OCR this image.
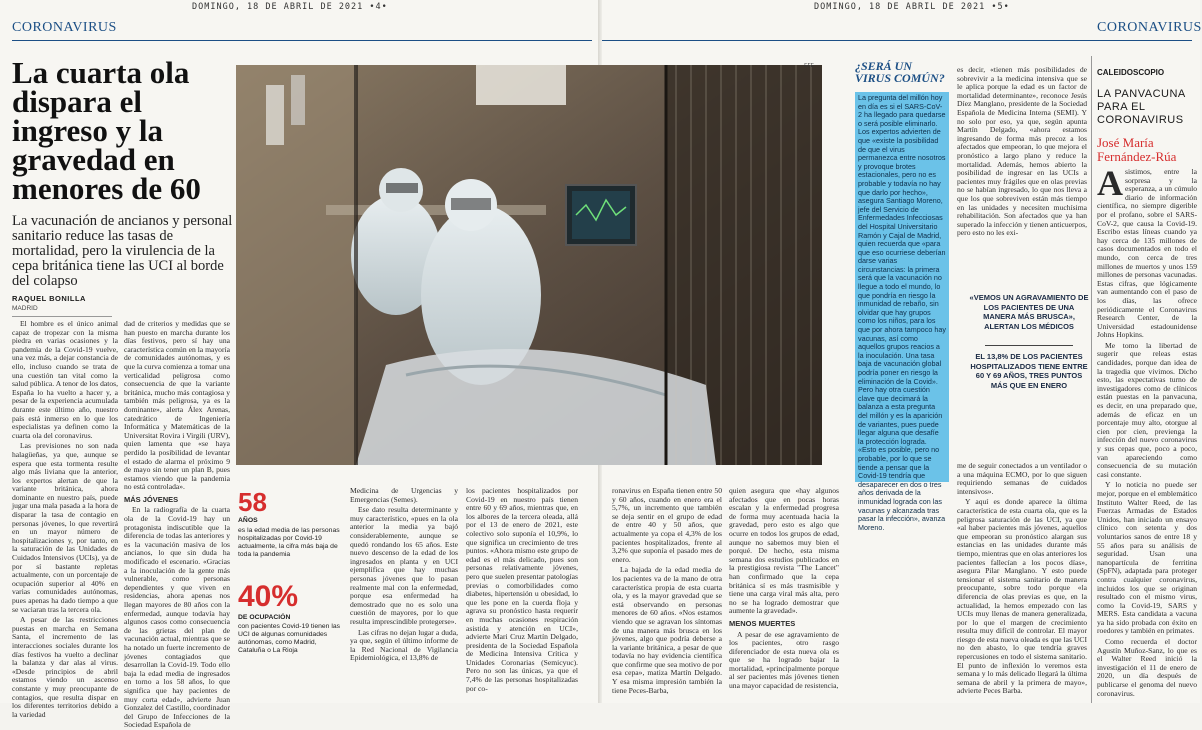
DOMINGO, 18 DE ABRIL DE 2021 •4•
CORONAVIRUS
La cuarta ola dispara el ingreso y la gravedad en menores de 60
La vacunación de ancianos y personal sanitario reduce las tasas de mortalidad, pero la virulencia de la cepa británica tiene las UCI al borde del colapso
RAQUEL BONILLA
MADRID

El hombre es el único animal capaz de tropezar con la misma piedra en varias ocasiones y la pandemia de la Covid-19 vuelve, una vez más, a dejar constancia de ello, incluso cuando se trata de una cuestión tan vital como la salud pública. A tenor de los datos, España lo ha vuelto a hacer y, a pesar de la experiencia acumulada durante este último año, nuestro país está inmerso en lo que los especialistas ya definen como la cuarta ola del coronavirus.

Las previsiones no son nada halagüeñas, ya que, aunque se espera que esta tormenta resulte algo más liviana que la anterior, los expertos alertan de que la variante británica, ahora dominante en nuestro país, puede jugar una mala pasada a la hora de disparar la tasa de contagio en personas jóvenes, lo que revertirá en un mayor número de hospitalizaciones y, por tanto, en la saturación de las Unidades de Cuidados Intensivos (UCIs), ya de por sí bastante repletas actualmente, con un porcentaje de ocupación superior al 40% en varias comunidades autónomas, pues apenas ha dado tiempo a que se vaciaran tras la tercera ola.

A pesar de las restricciones puestas en marcha en Semana Santa, el incremento de las interacciones sociales durante los días festivos ha vuelto a declinar la balanza y dar alas al virus. «Desde principios de abril estamos viendo un ascenso constante y muy preocupante de contagios, que resulta dispar en los diferentes territorios debido a la variedad

dad de criterios y medidas que se han puesto en marcha durante los días festivos, pero sí hay una característica común en la mayoría de comunidades autónomas, y es que la curva comienza a tomar una verticalidad peligrosa como consecuencia de que la variante británica, mucho más contagiosa y también más peligrosa, ya es la dominante», alerta Álex Arenas, catedrático de Ingeniería Informática y Matemáticas de la Universitat Rovira i Virgili (URV), quien lamenta que «se haya perdido la posibilidad de levantar el estado de alarma el próximo 9 de mayo sin tener un plan B, pues estamos viendo que la pandemia no está controlada».

MÁS JÓVENES

En la radiografía de la cuarta ola de la Covid-19 hay un protagonista indiscutible que la diferencia de todas las anteriores y es la vacunación masiva de los ancianos, lo que sin duda ha modificado el escenario. «Gracias a la inoculación de la gente más vulnerable, como personas dependientes y que viven en residencias, ahora apenas nos llegan mayores de 80 años con la enfermedad, aunque todavía hay algunos casos como consecuencia de las grietas del plan de vacunación actual, mientras que se ha notado un fuerte incremento de jóvenes contagiados que desarrollan la Covid-19. Todo ello baja la edad media de ingresados en torno a los 58 años, lo que significa que hay pacientes de muy corta edad», advierte Juan Gonzalez del Castillo, coordinador del Grupo de Infecciones de la Sociedad Española de

58
AÑOS
es la edad media de las personas hospitalizadas por Covid-19 actualmente, la cifra más baja de toda la pandemia
40%
DE OCUPACIÓN
con pacientes Covid-19 tienen las UCI de algunas comunidades autónomas, como Madrid, Cataluña o La Rioja

Medicina de Urgencias y Emergencias (Semes).

Ese dato resulta determinante y muy característico, «pues en la ola anterior la media ya bajó considerablemente, aunque se quedó rondando los 65 años. Este nuevo descenso de la edad de los ingresados en planta y en UCI ejemplifica que hay muchas personas jóvenes que lo pasan realmente mal con la enfermedad, porque esa enfermedad ha demostrado que no es solo una cuestión de mayores, por lo que resulta imprescindible protegerse».

Las cifras no dejan lugar a duda, ya que, según el último informe de la Red Nacional de Vigilancia Epidemiológica, el 13,8% de

los pacientes hospitalizados por Covid-19 en nuestro país tienen entre 60 y 69 años, mientras que, en los albores de la tercera oleada, allá por el 13 de enero de 2021, este colectivo solo suponía el 10,9%, lo que significa un crecimiento de tres puntos. «Ahora mismo este grupo de edad es el más delicado, pues son personas relativamente jóvenes, pero que suelen presentar patologías previas o comorbilidades como diabetes, hipertensión u obesidad, lo que les pone en la cuerda floja y agrava su pronóstico hasta requerir en muchas ocasiones respiración asistida y atención en UCI», advierte Mari Cruz Martín Delgado, presidenta de la Sociedad Española de Medicina Intensiva Crítica y Unidades Coronarias (Semicyuc). Pero no son las únicas, ya que el 7,4% de las personas hospitalizadas por co-

DOMINGO, 18 DE ABRIL DE 2021 •5•
CORONAVIRUS

ronavirus en España tienen entre 50 y 60 años, cuando en enero era el 5,7%, un incremento que también se deja sentir en el grupo de edad de entre 40 y 50 años, que actualmente ya copa el 4,3% de los pacientes hospitalizados, frente al 3,2% que suponía el pasado mes de enero.

La bajada de la edad media de los pacientes va de la mano de otra característica propia de esta cuarta ola, y es la mayor gravedad que se está observando en personas menores de 60 años. «Nos estamos viendo que se agravan los síntomas de una manera más brusca en los jóvenes, algo que podría deberse a la variante británica, a pesar de que todavía no hay evidencia científica que confirme que sea motivo de por esa cepa», matiza Martín Delgado. Y esa misma impresión también la tiene Peces-Barba,

quien asegura que «hay algunos afectados que en pocas horas escalan y la enfermedad progresa de forma muy acentuada hacia la gravedad, pero esto es algo que ocurre en todos los grupos de edad, aunque no sabemos muy bien el porqué. De hecho, esta misma semana dos estudios publicados en la prestigiosa revista "The Lancet" han confirmado que la cepa británica sí es más trasmisible y tiene una carga viral más alta, pero no se ha logrado demostrar que aumente la gravedad».

MENOS MUERTES

A pesar de ese agravamiento de los pacientes, otro rasgo diferenciador de esta nueva ola es que se ha logrado bajar la mortalidad, «principalmente porque al ser pacientes más jóvenes tienen una mayor capacidad de resistencia,

es decir, «tienen más posibilidades de sobrevivir a la medicina intensiva que se le aplica porque la edad es un factor de mortalidad determinante», reconoce Jesús Díez Manglano, presidente de la Sociedad Española de Medicina Interna (SEMI). Y no solo por eso, ya que, según apunta Martín Delgado, «ahora estamos ingresando de forma más precoz a los afectados que empeoran, lo que mejora el pronóstico a largo plano y reduce la mortalidad. Además, hemos abierto la posibilidad de ingresar en las UCIs a pacientes muy frágiles que en olas previas no se habían ingresado, lo que nos lleva a que los que sobreviven están más tiempo en las unidades y necesiten muchísima rehabilitación. Son afectados que ya han superado la infección y tienen anticuerpos, pero esto no les exi-

me de seguir conectados a un ventilador o a una máquina ECMO, por lo que siguen requiriendo semanas de cuidados intensivos».

Y aquí es donde aparece la última característica de esta cuarta ola, que es la peligrosa saturación de las UCI, ya que «al haber pacientes más jóvenes, aquellos que empeoran su pronóstico alargan sus estancias en las unidades durante más tiempo, mientras que en olas anteriores los pacientes fallecían a los pocos días», asegura Pilar Manglano. Y esto puede tensionar el sistema sanitario de manera preocupante, sobre todo porque «la diferencia de olas previas es que, en la actualidad, la hemos empezado con las UCIs muy llenas de manera generalizada, por lo que el margen de crecimiento resulta muy difícil de controlar. El mayor riesgo de esta nueva oleada es que las UCI no den abasto, lo que tendría graves repercusiones en todo el sistema sanitario. El punto de inflexión lo veremos esta semana y lo más delicado llegará la última semana de abril y la primera de mayo», advierte Peces Barba.

EFE	¿SERÁ UN VIRUS COMÚN?

La pregunta del millón hoy en día es si el SARS-CoV-2 ha llegado para quedarse o será posible eliminarlo. Los expertos advierten de que «existe la posibilidad de que el virus permanezca entre nosotros y provoque brotes estacionales, pero no es probable y todavía no hay que darlo por hecho», asegura Santiago Moreno, jefe del Servicio de Enfermedades Infecciosas del Hospital Universitario Ramón y Cajal de Madrid, quien recuerda que «para que eso ocurriese deberían darse varias circunstancias: la primera será que la vacunación no llegue a todo el mundo, lo que pondría en riesgo la inmunidad de rebaño, sin olvidar que hay grupos como los niños, para los que por ahora tampoco hay vacunas, así como aquellos grupos reacios a la inoculación. Una tasa baja de vacunación global podría poner en riesgo la eliminación de la Covid». Pero hay otra cuestión clave que decimará la balanza a esta pregunta del millón y es la aparición de variantes, pues puede llegar alguna que desafíe la protección lograda. «Esto es posible, pero no probable, por lo que se tiende a pensar que la Covid-19 tendría que desaparecer en dos o tres años derivada de la inmunidad lograda con las vacunas y alcanzada tras pasar la infección», avanza Moreno.

«VEMOS UN AGRAVAMIENTO DE LOS PACIENTES DE UNA MANERA MÁS BRUSCA», ALERTAN LOS MÉDICOS
EL 13,8% DE LOS PACIENTES HOSPITALIZADOS TIENE ENTRE 60 Y 69 AÑOS, TRES PUNTOS MÁS QUE EN ENERO
CALEIDOSCOPIO
LA PANVACUNA PARA EL CORONAVIRUS
José María Fernández-Rúa

Asistimos, entre la sorpresa y la esperanza, a un cúmulo diario de información científica, no siempre digerible por el profano, sobre el SARS-CoV-2, que causa la Covid-19. Escribo estas líneas cuando ya hay cerca de 135 millones de casos documentados en todo el mundo, con cerca de tres millones de muertos y unos 159 millones de personas vacunadas. Estas cifras, que lógicamente van aumentando con el paso de los días, las ofrece periódicamente el Coronavirus Research Center, de la Universidad estadounidense Johns Hopkins.

Me tomo la libertad de sugerir que releas estas candidades, porque dan idea de la tragedia que vivimos. Dicho esto, las expectativas turno de investigadores como de clínicos están puestas en la panvacuna, es decir, en una preparado que, además de eficaz en un porcentaje muy alto, otorgue al cien por cien, previenga la infección del nuevo coronavirus y sus cepas que, poco a poco, van apareciendo como consecuencia de su mutación casi constante.

Y lo noticia no puede ser mejor, porque en el emblemático Instituto Walter Reed, de las Fuerzas Armadas de Estados Unidos, han iniciado un ensayo clínico con setenta y dos voluntarios sanos de entre 18 y 55 años para su análisis de seguridad. Usan una nanopartícula de ferritina (SpFN), adaptada para proteger contra cualquier coronavirus, incluidos los que se originan resultado con el mismo virus, como la Covid-19, SARS y MERS. Esta candidata a vacuna ya ha sido probada con éxito en roedores y también en primates.

Como recuerda el doctor Agustín Muñoz-Sanz, lo que es el Walter Reed inició la investigación el 11 de enero de 2020, un día después de publicarse el genoma del nuevo coronavirus.
